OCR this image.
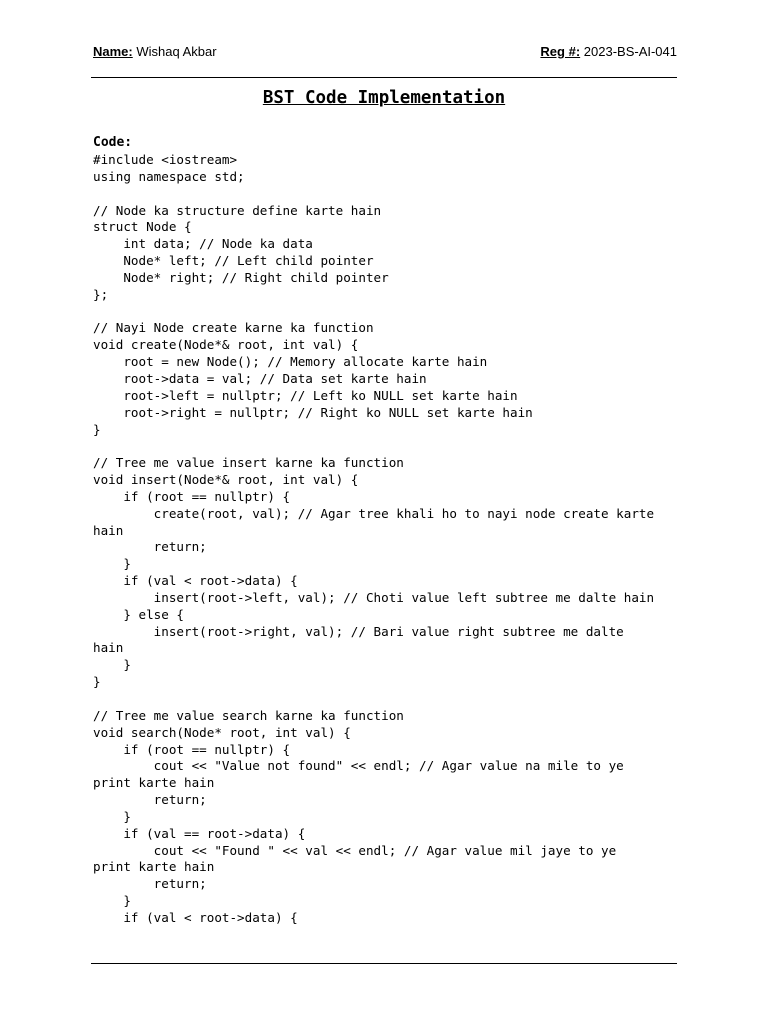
Name: Wishaq Akbar	Reg #: 2023-BS-AI-041
BST Code Implementation
Code:
#include <iostream>
using namespace std;

// Node ka structure define karte hain
struct Node {
int data; // Node ka data
Node* left; // Left child pointer
Node* right; // Right child pointer
};

// Nayi Node create karne ka function
void create(Node*& root, int val) {
root = new Node(); // Memory allocate karte hain
root->data = val; // Data set karte hain
root->left = nullptr; // Left ko NULL set karte hain
root->right = nullptr; // Right ko NULL set karte hain
}

// Tree me value insert karne ka function
void insert(Node*& root, int val) {
if (root == nullptr) {
create(root, val); // Agar tree khali ho to nayi node create karte
hain
return;
}
if (val < root->data) {
insert(root->left, val); // Choti value left subtree me dalte hain
} else {
insert(root->right, val); // Bari value right subtree me dalte
hain
}
}

// Tree me value search karne ka function
void search(Node* root, int val) {
if (root == nullptr) {
cout << "Value not found" << endl; // Agar value na mile to ye
print karte hain
return;
}
if (val == root->data) {
cout << "Found " << val << endl; // Agar value mil jaye to ye
print karte hain
return;
}
if (val < root->data) {
